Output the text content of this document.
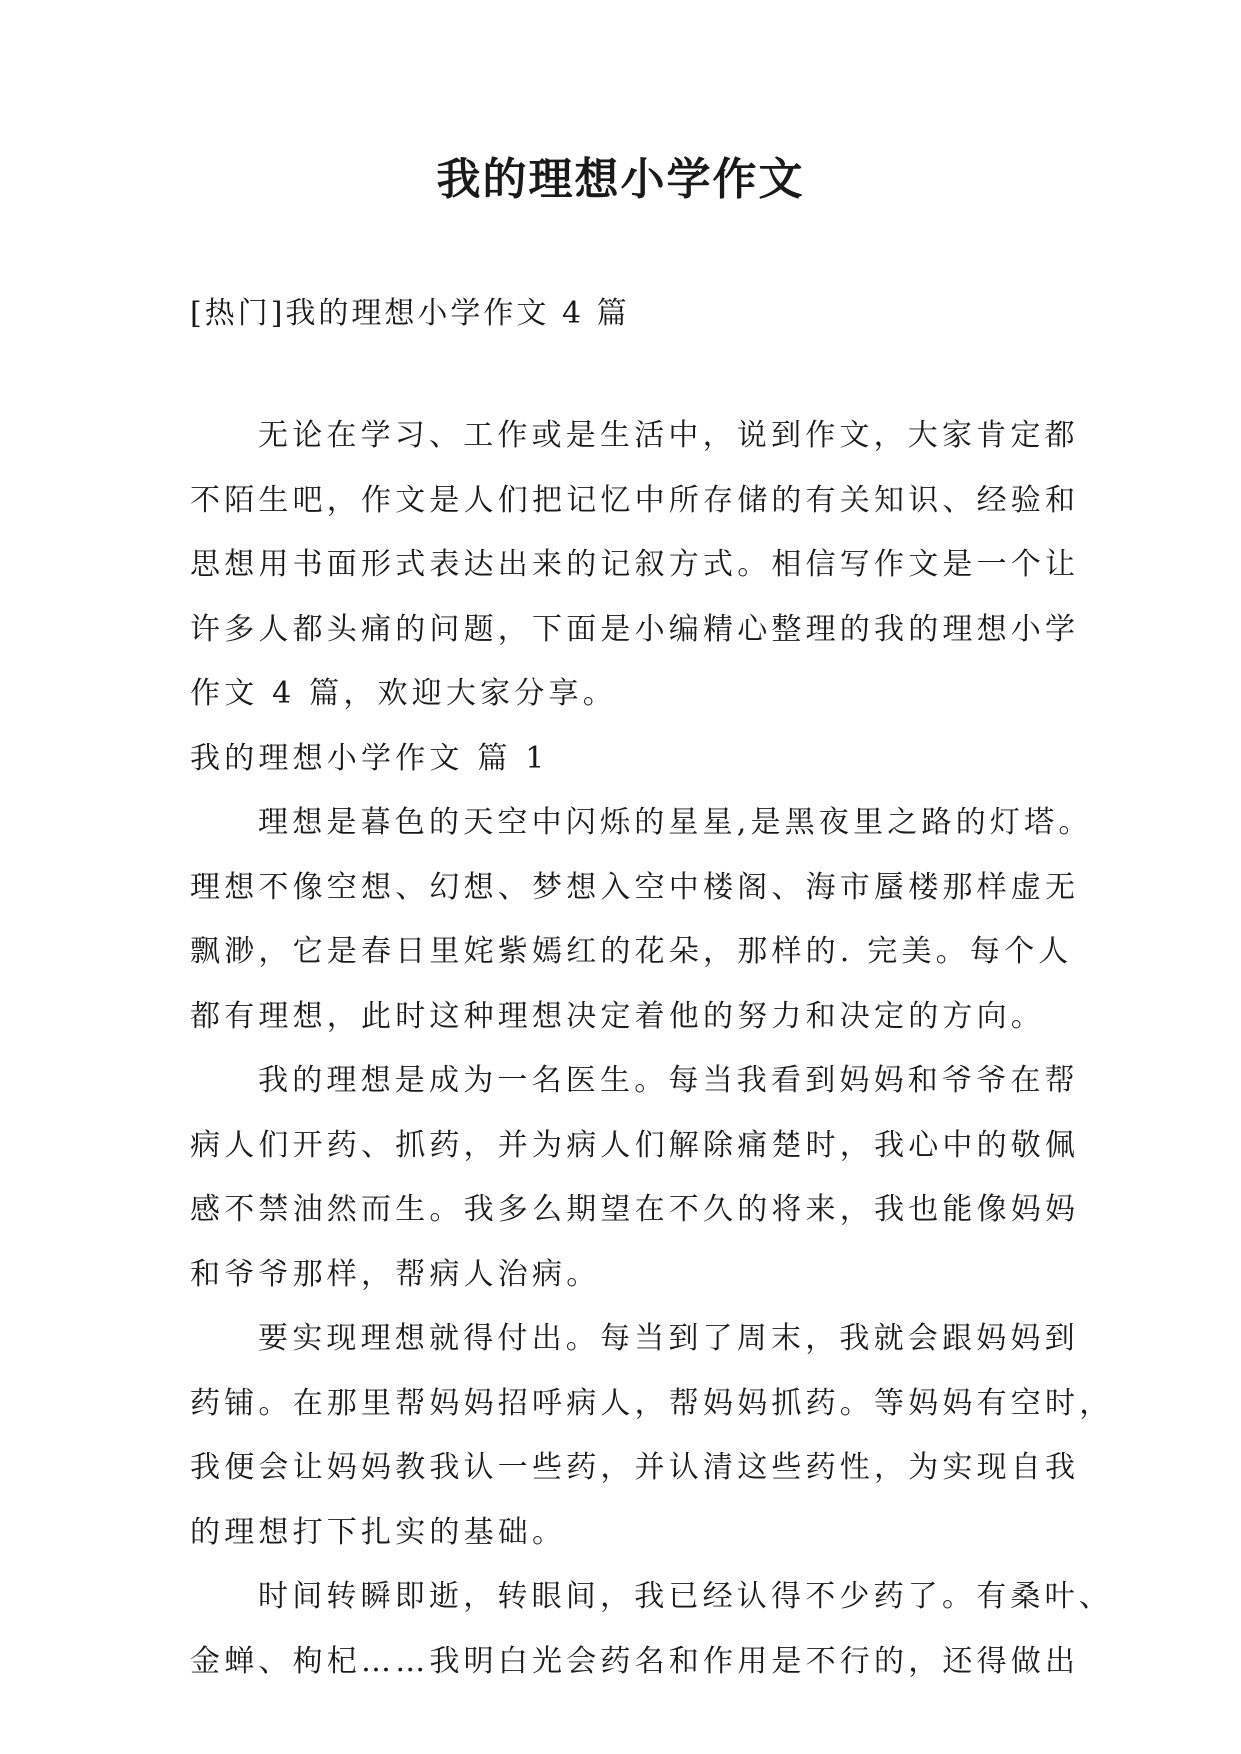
我的理想小学作文
[热门]我的理想小学作文 4 篇
无论在学习、工作或是生活中，说到作文，大家肯定都
不陌生吧，作文是人们把记忆中所存储的有关知识、经验和
思想用书面形式表达出来的记叙方式。相信写作文是一个让
许多人都头痛的问题，下面是小编精心整理的我的理想小学
作文 4 篇，欢迎大家分享。
我的理想小学作文 篇 1
理想是暮色的天空中闪烁的星星,是黑夜里之路的灯塔。
理想不像空想、幻想、梦想入空中楼阁、海市蜃楼那样虚无
飘渺，它是春日里姹紫嫣红的花朵，那样的. 完美。每个人
都有理想，此时这种理想决定着他的努力和决定的方向。
我的理想是成为一名医生。每当我看到妈妈和爷爷在帮
病人们开药、抓药，并为病人们解除痛楚时，我心中的敬佩
感不禁油然而生。我多么期望在不久的将来，我也能像妈妈
和爷爷那样，帮病人治病。
要实现理想就得付出。每当到了周末，我就会跟妈妈到
药铺。在那里帮妈妈招呼病人，帮妈妈抓药。等妈妈有空时，
我便会让妈妈教我认一些药，并认清这些药性，为实现自我
的理想打下扎实的基础。
时间转瞬即逝，转眼间，我已经认得不少药了。有桑叶、
金蝉、枸杞……我明白光会药名和作用是不行的，还得做出
